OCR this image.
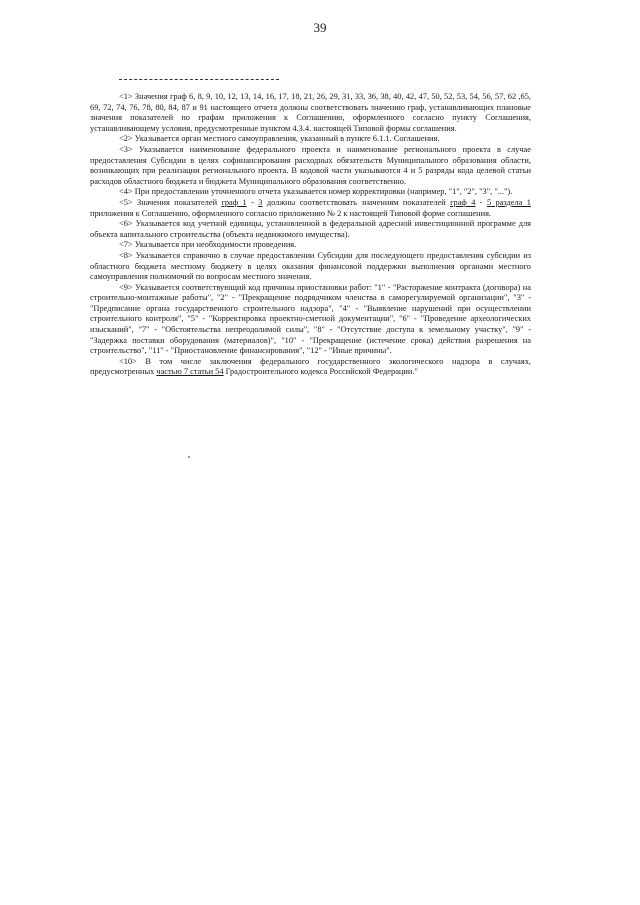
39

<1> Значения граф 6, 8, 9, 10, 12, 13, 14, 16, 17, 18, 21, 26, 29, 31, 33, 36, 38, 40, 42, 47, 50, 52, 53, 54, 56, 57, 62 ,65, 69, 72, 74, 76, 78, 80, 84, 87 и 91 настоящего отчета должны соответствовать значению граф, устанавливающих плановые значения показателей по графам приложения к Соглашению, оформленного согласно пункту Соглашения, устанавливающему условия, предусмотренные пунктом 4.3.4. настоящей Типовой формы соглашения.

<2> Указывается орган местного самоуправления, указанный в пункте 6.1.1. Соглашения.

<3> Указывается наименование федерального проекта и наименование регионального проекта в случае предоставления Субсидии в целях софинансирования расходных обязательств Муниципального образования области, возникающих при реализации регионального проекта. В кодовой части указываются 4 и 5 разряды кода целевой статьи расходов областного бюджета и бюджета Муниципального образования соответственно.

<4> При предоставлении уточненного отчета указывается номер корректировки (например, "1", "2", "3", "...").

<5> Значения показателей граф 1 - 3 должны соответствовать значениям показателей граф 4 - 5 раздела 1 приложения к Соглашению, оформленного согласно приложению № 2 к настоящей Типовой форме соглашения.

<6> Указывается код учетной единицы, установленной в федеральной адресной инвестиционной программе для объекта капитального строительства (объекта недвижимого имущества).

<7> Указывается при необходимости проведения.

<8> Указывается справочно в случае предоставлении Субсидии для последующего предоставления субсидии из областного бюджета местному бюджету в целях оказания финансовой поддержки выполнения органами местного самоуправления полномочий по вопросам местного значения.

<9> Указывается соответствующий код причины приостановки работ: "1" - "Расторжение контракта (договора) на строительно-монтажные работы", "2" - "Прекращение подрядчиком членства в саморегулируемой организации", "3" - "Предписание органа государственного строительного надзора", "4" - "Выявление нарушений при осуществлении строительного контроля", "5" - "Корректировка проектно-сметной документации", "6" - "Проведение археологических изысканий", "7" - "Обстоятельства непреодолимой силы", "8" - "Отсутствие доступа к земельному участку", "9" - "Задержка поставки оборудования (материалов)", "10" - "Прекращение (истечение срока) действия разрешения на строительство", "11" - "Приостановление финансирования", "12" - "Иные причины".

<10> В том числе заключения федерального государственного экологического надзора в случаях, предусмотренных частью 7 статьи 54 Градостроительного кодекса Российской Федерации."
